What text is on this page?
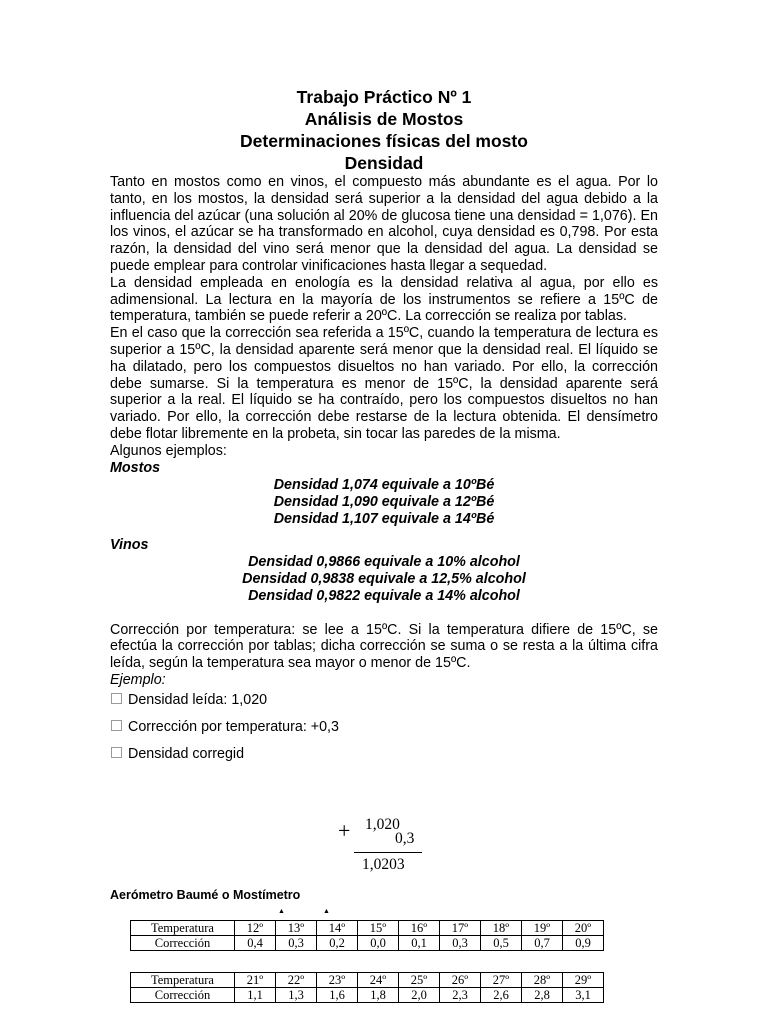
Trabajo Práctico Nº 1
Análisis de Mostos
Determinaciones físicas del mosto
Densidad

Tanto en mostos como en vinos, el compuesto más abundante es el agua. Por lo tanto, en los mostos, la densidad será superior a la densidad del agua debido a la influencia del azúcar (una solución al 20% de glucosa tiene una densidad = 1,076). En los vinos, el azúcar se ha transformado en alcohol, cuya densidad es 0,798. Por esta razón, la densidad del vino será menor que la densidad del agua. La densidad se puede emplear para controlar vinificaciones hasta llegar a sequedad.

La densidad empleada en enología es la densidad relativa al agua, por ello es adimensional. La lectura en la mayoría de los instrumentos se refiere a 15ºC de temperatura, también se puede referir a 20ºC. La corrección se realiza por tablas.

En el caso que la corrección sea referida a 15ºC, cuando la temperatura de lectura es superior a 15ºC, la densidad aparente será menor que la densidad real. El líquido se ha dilatado, pero los compuestos disueltos no han variado. Por ello, la corrección debe sumarse. Si la temperatura es menor de 15ºC, la densidad aparente será superior a la real. El líquido se ha contraído, pero los compuestos disueltos no han variado. Por ello, la corrección debe restarse de la lectura obtenida. El densímetro debe flotar libremente en la probeta, sin tocar las paredes de la misma.

Algunos ejemplos:

Mostos
Densidad 1,074 equivale a 10ºBé
Densidad 1,090 equivale a 12ºBé
Densidad 1,107 equivale a 14ºBé
Vinos
Densidad 0,9866 equivale a 10% alcohol
Densidad 0,9838 equivale a 12,5% alcohol
Densidad 0,9822 equivale a 14% alcohol

Corrección por temperatura: se lee a 15ºC. Si la temperatura difiere de 15ºC, se efectúa la corrección por tablas; dicha corrección se suma o se resta a la última cifra leída, según la temperatura sea mayor o menor de 15ºC.

Ejemplo:

Densidad leída: 1,020

Corrección por temperatura: +0,3

Densidad corregid

+ 1,020
0,3
1,0203
Aerómetro Baumé o Mostímetro
▲	▲
Temperatura	12º	13º	14º	15º	16º	17º	18º	19º	20º
Corrección	0,4	0,3	0,2	0,0	0,1	0,3	0,5	0,7	0,9
Temperatura	21º	22º	23º	24º	25º	26º	27º	28º	29º
Corrección	1,1	1,3	1,6	1,8	2,0	2,3	2,6	2,8	3,1
